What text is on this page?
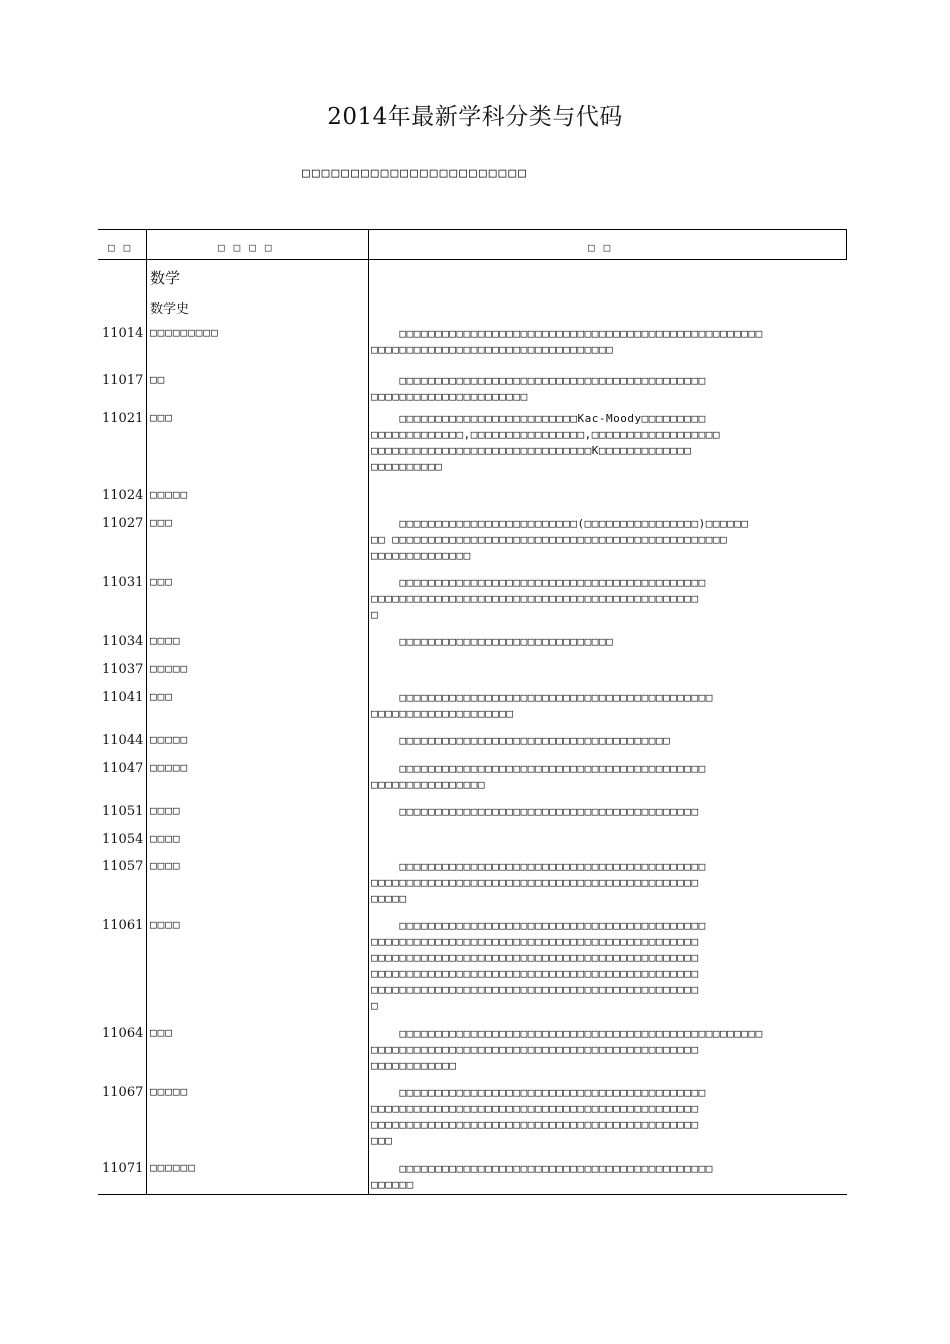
2014年最新学科分类与代码
□□□□□□□□□□□□□□□□□□□□□□□
□□	□□□□	□□
数学
数学史
11014 □□□□□□□□□	□□□□□□□□□□□□□□□□□□□□□□□□□□□□□□□□□□□□□□□□□□□□□□□□□□□
□□□□□□□□□□□□□□□□□□□□□□□□□□□□□□□□□□
11017 □□	□□□□□□□□□□□□□□□□□□□□□□□□□□□□□□□□□□□□□□□□□□□
□□□□□□□□□□□□□□□□□□□□□□
11021 □□□	□□□□□□□□□□□□□□□□□□□□□□□□□Kac-Moody□□□□□□□□□
□□□□□□□□□□□□□,□□□□□□□□□□□□□□□□,□□□□□□□□□□□□□□□□□□
□□□□□□□□□□□□□□□□□□□□□□□□□□□□□□□K□□□□□□□□□□□□□
□□□□□□□□□□
11024 □□□□□
11027 □□□	□□□□□□□□□□□□□□□□□□□□□□□□□(□□□□□□□□□□□□□□□□)□□□□□□
□□ □□□□□□□□□□□□□□□□□□□□□□□□□□□□□□□□□□□□□□□□□□□□□□□
□□□□□□□□□□□□□□
11031 □□□	□□□□□□□□□□□□□□□□□□□□□□□□□□□□□□□□□□□□□□□□□□□
□□□□□□□□□□□□□□□□□□□□□□□□□□□□□□□□□□□□□□□□□□□□□□
□
11034 □□□□	□□□□□□□□□□□□□□□□□□□□□□□□□□□□□□
11037 □□□□□
11041 □□□	□□□□□□□□□□□□□□□□□□□□□□□□□□□□□□□□□□□□□□□□□□□□
□□□□□□□□□□□□□□□□□□□□
11044 □□□□□	□□□□□□□□□□□□□□□□□□□□□□□□□□□□□□□□□□□□□□
11047 □□□□□	□□□□□□□□□□□□□□□□□□□□□□□□□□□□□□□□□□□□□□□□□□□
□□□□□□□□□□□□□□□□
11051 □□□□	□□□□□□□□□□□□□□□□□□□□□□□□□□□□□□□□□□□□□□□□□□
11054 □□□□
11057 □□□□	□□□□□□□□□□□□□□□□□□□□□□□□□□□□□□□□□□□□□□□□□□□
□□□□□□□□□□□□□□□□□□□□□□□□□□□□□□□□□□□□□□□□□□□□□□
□□□□□
11061 □□□□	□□□□□□□□□□□□□□□□□□□□□□□□□□□□□□□□□□□□□□□□□□□
□□□□□□□□□□□□□□□□□□□□□□□□□□□□□□□□□□□□□□□□□□□□□□
□□□□□□□□□□□□□□□□□□□□□□□□□□□□□□□□□□□□□□□□□□□□□□
□□□□□□□□□□□□□□□□□□□□□□□□□□□□□□□□□□□□□□□□□□□□□□
□□□□□□□□□□□□□□□□□□□□□□□□□□□□□□□□□□□□□□□□□□□□□□
□
11064 □□□	□□□□□□□□□□□□□□□□□□□□□□□□□□□□□□□□□□□□□□□□□□□□□□□□□□□
□□□□□□□□□□□□□□□□□□□□□□□□□□□□□□□□□□□□□□□□□□□□□□
□□□□□□□□□□□□
11067 □□□□□	□□□□□□□□□□□□□□□□□□□□□□□□□□□□□□□□□□□□□□□□□□□
□□□□□□□□□□□□□□□□□□□□□□□□□□□□□□□□□□□□□□□□□□□□□□
□□□□□□□□□□□□□□□□□□□□□□□□□□□□□□□□□□□□□□□□□□□□□□
□□□
11071 □□□□□□	□□□□□□□□□□□□□□□□□□□□□□□□□□□□□□□□□□□□□□□□□□□□
□□□□□□
